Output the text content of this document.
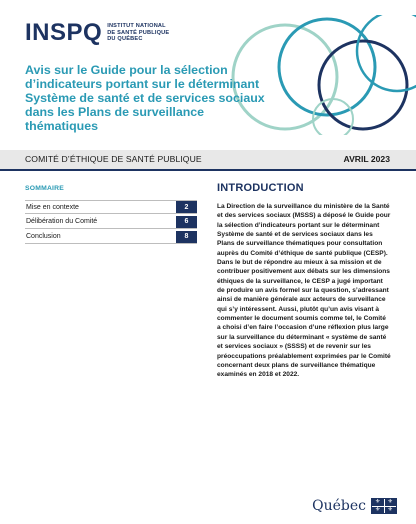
INSPQ INSTITUT NATIONAL
DE SANTÉ PUBLIQUE
DU QUÉBEC
Avis sur le Guide pour la sélection d’indicateurs portant sur le déterminant Système de santé et de services sociaux dans les Plans de surveillance thématiques
COMITÉ D’ÉTHIQUE DE SANTÉ PUBLIQUE	AVRIL 2023
SOMMAIRE
Mise en contexte	2
Délibération du Comité	6
Conclusion	8
INTRODUCTION

La Direction de la surveillance du ministère de la Santé et des services sociaux (MSSS) a déposé le Guide pour la sélection d’indicateurs portant sur le déterminant Système de santé et de services sociaux dans les Plans de surveillance thématiques pour consultation auprès du Comité d’éthique de santé publique (CESP). Dans le but de répondre au mieux à sa mission et de contribuer positivement aux débats sur les dimensions éthiques de la surveillance, le CESP a jugé important de produire un avis formel sur la question, s’adressant ainsi de manière générale aux acteurs de surveillance qui s’y intéressent. Aussi, plutôt qu’un avis visant à commenter le document soumis comme tel, le Comité a choisi d’en faire l’occasion d’une réflexion plus large sur la surveillance du déterminant « système de santé et services sociaux » (SSSS) et de revenir sur les préoccupations préalablement exprimées par le Comité concernant deux plans de surveillance thématique examinés en 2018 et 2022.

Québec	⚜	⚜
⚜	⚜
